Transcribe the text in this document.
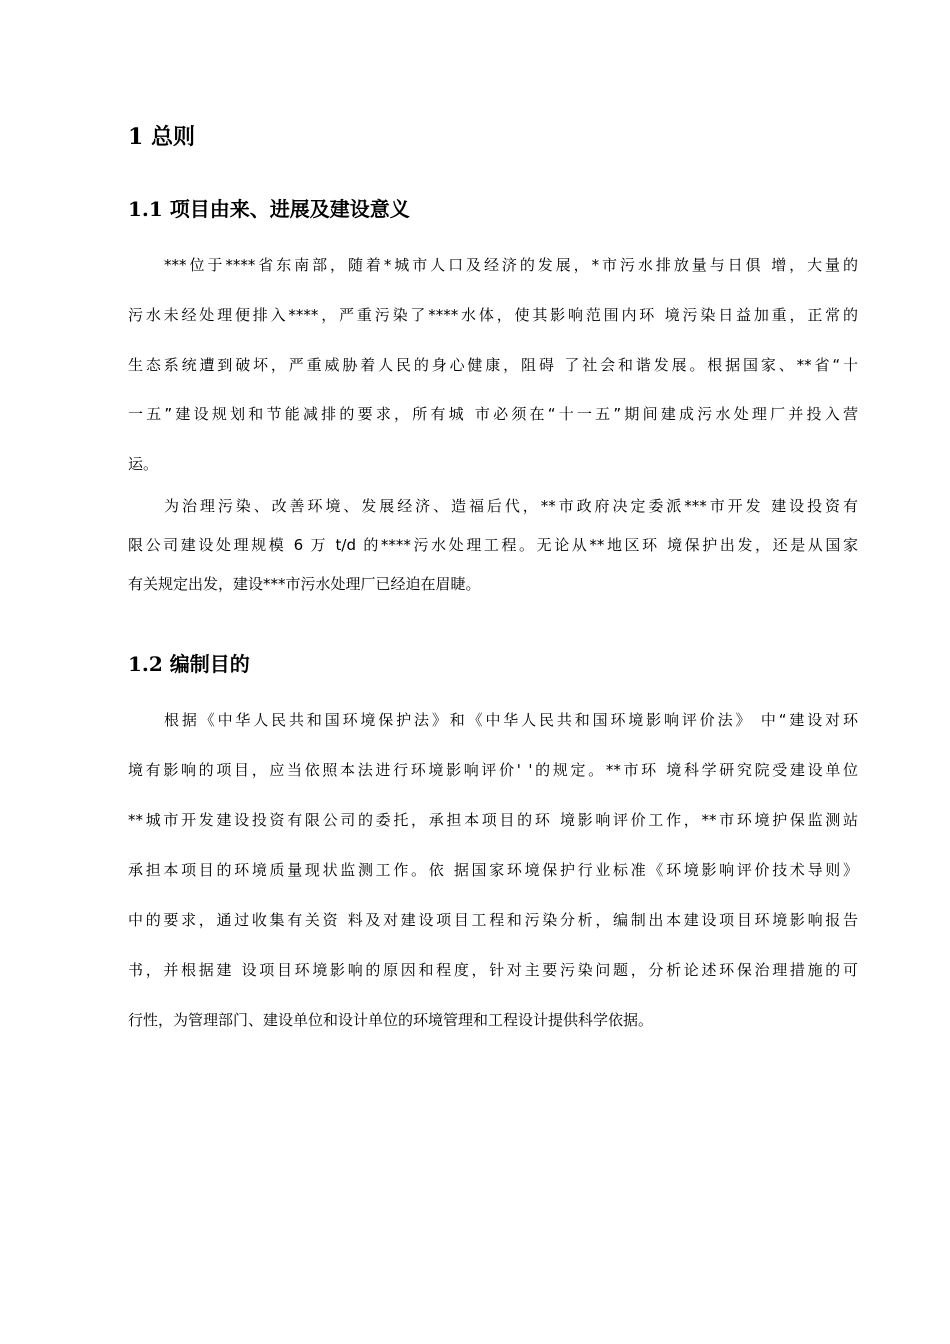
1 总则
1.1 项目由来、进展及建设意义
***位于****省东南部，随着*城市人口及经济的发展，*市污水排放量与日俱 增，大量的
污水未经处理便排入****，严重污染了****水体，使其影响范围内环 境污染日益加重，正常的
生态系统遭到破坏，严重威胁着人民的身心健康，阻碍 了社会和谐发展。根据国家、**省“十
一五”建设规划和节能减排的要求，所有城 市必须在“十一五”期间建成污水处理厂并投入营
运。
为治理污染、改善环境、发展经济、造福后代，**市政府决定委派***市开发 建设投资有
限公司建设处理规模 6 万 t/d 的****污水处理工程。无论从**地区环 境保护出发，还是从国家
有关规定出发，建设***市污水处理厂已经迫在眉睫。
1.2 编制目的
根据《中华人民共和国环境保护法》和《中华人民共和国环境影响评价法》 中“建设对环
境有影响的项目，应当依照本法进行环境影响评价' '的规定。**市环 境科学研究院受建设单位
**城市开发建设投资有限公司的委托，承担本项目的环 境影响评价工作，**市环境护保监测站
承担本项目的环境质量现状监测工作。依 据国家环境保护行业标准《环境影响评价技术导则》
中的要求，通过收集有关资 料及对建设项目工程和污染分析，编制出本建设项目环境影响报告
书，并根据建 设项目环境影响的原因和程度，针对主要污染问题，分析论述环保治理措施的可
行性，为管理部门、建设单位和设计单位的环境管理和工程设计提供科学依据。
